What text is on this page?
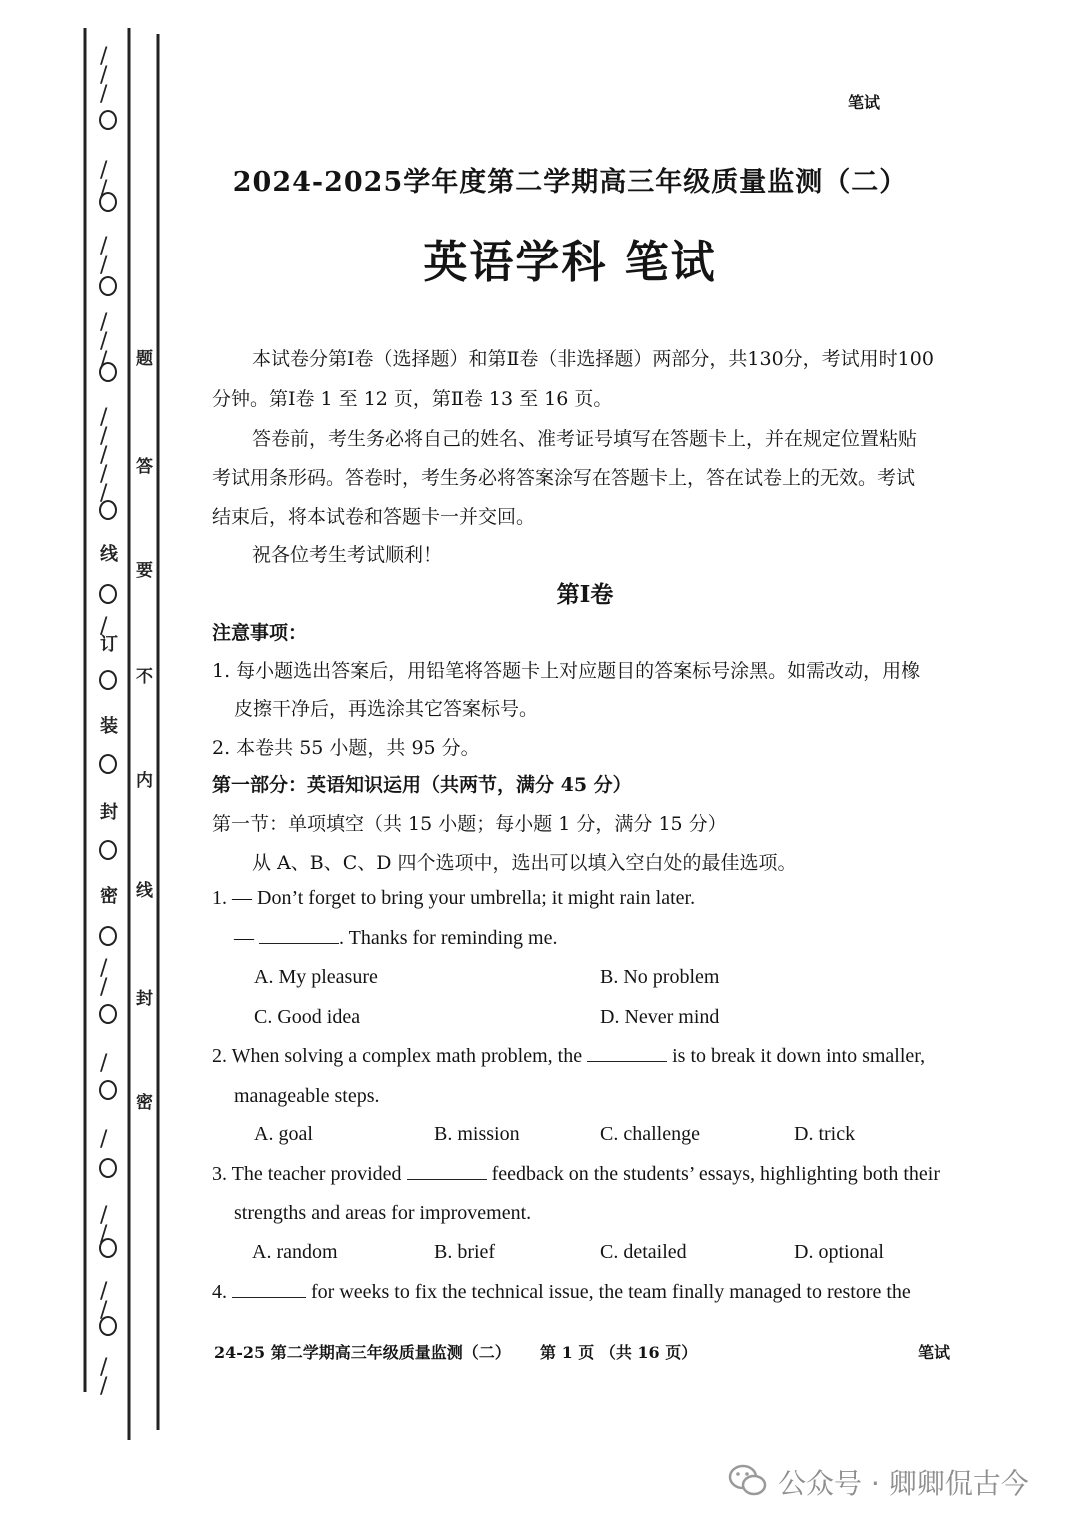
/
/
/
/
/
/
/
/
/
/
/
/
/
/
/
/
/
/
/
/
/
/
/
/
/
/
线
订
装
封
密
题
答
要
不
内
线
封
密
笔试
2024-2025学年度第二学期高三年级质量监测（二）
英语学科 笔试
本试卷分第Ⅰ卷（选择题）和第Ⅱ卷（非选择题）两部分，共130分，考试用时100
分钟。第Ⅰ卷 1 至 12 页，第Ⅱ卷 13 至 16 页。
答卷前，考生务必将自己的姓名、准考证号填写在答题卡上，并在规定位置粘贴
考试用条形码。答卷时，考生务必将答案涂写在答题卡上，答在试卷上的无效。考试
结束后，将本试卷和答题卡一并交回。
祝各位考生考试顺利！
第Ⅰ卷
注意事项：
1. 每小题选出答案后，用铅笔将答题卡上对应题目的答案标号涂黑。如需改动，用橡
皮擦干净后，再选涂其它答案标号。
2. 本卷共 55 小题，共 95 分。
第一部分：英语知识运用（共两节，满分 45 分）
第一节：单项填空（共 15 小题；每小题 1 分，满分 15 分）
从 A、B、C、D 四个选项中，选出可以填入空白处的最佳选项。
1. — Don’t forget to bring your umbrella; it might rain later.
—	. Thanks for reminding me.
A. My pleasure	B. No problem
C. Good idea	D. Never mind
2. When solving a complex math problem, the	is to break it down into smaller,
manageable steps.
A. goal	B. mission	C. challenge	D. trick
3. The teacher provided	feedback on the students’ essays, highlighting both their
strengths and areas for improvement.
A. random	B. brief	C. detailed	D. optional
4.	for weeks to fix the technical issue, the team finally managed to restore the
24-25 第二学期高三年级质量监测（二） 第 1 页 （共 16 页）	笔试
公众号 · 卿卿侃古今
